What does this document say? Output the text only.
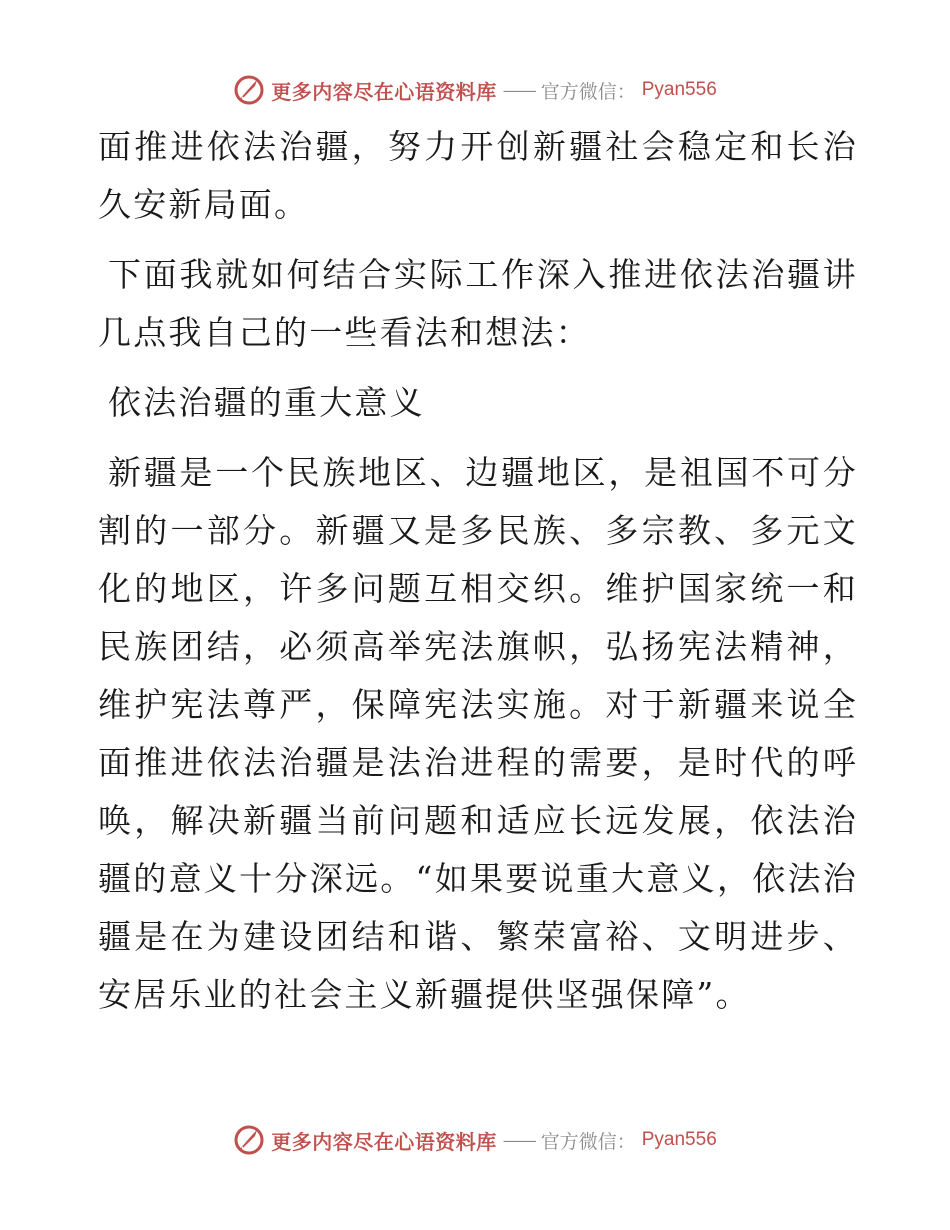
更多内容尽在心语资料库 —— 官方微信： Pyan556

面推进依法治疆，努力开创新疆社会稳定和长治久安新局面。

下面我就如何结合实际工作深入推进依法治疆讲几点我自己的一些看法和想法：

依法治疆的重大意义

新疆是一个民族地区、边疆地区，是祖国不可分割的一部分。新疆又是多民族、多宗教、多元文化的地区，许多问题互相交织。维护国家统一和民族团结，必须高举宪法旗帜，弘扬宪法精神，维护宪法尊严，保障宪法实施。对于新疆来说全面推进依法治疆是法治进程的需要，是时代的呼唤，解决新疆当前问题和适应长远发展，依法治疆的意义十分深远。“如果要说重大意义，依法治疆是在为建设团结和谐、繁荣富裕、文明进步、安居乐业的社会主义新疆提供坚强保障”。

更多内容尽在心语资料库 —— 官方微信： Pyan556
